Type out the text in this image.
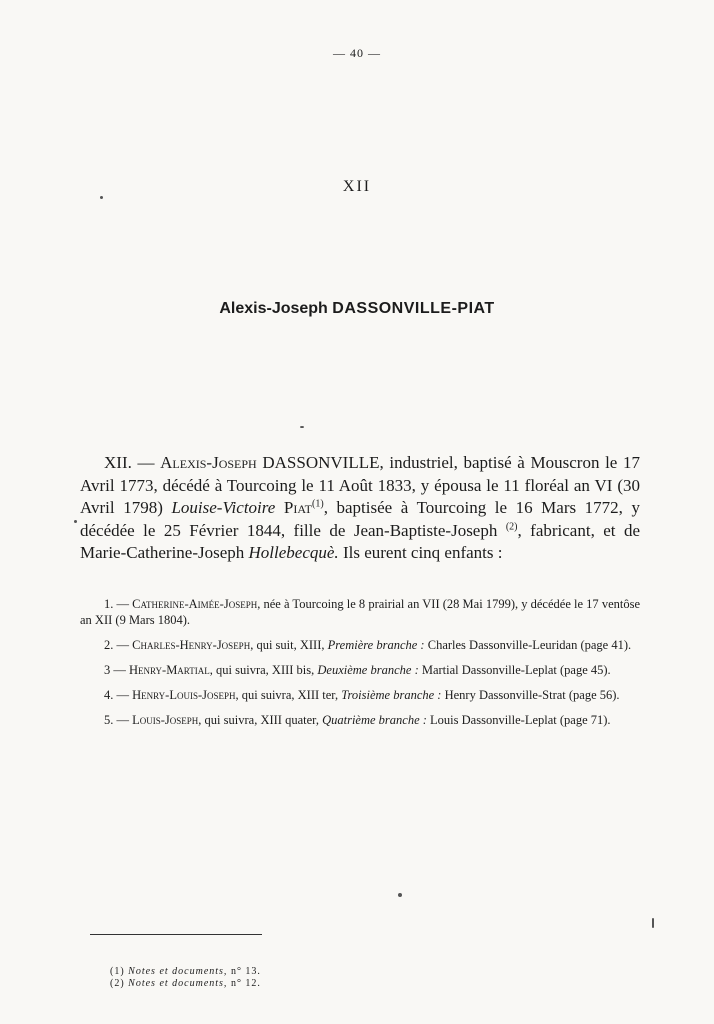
— 40 —
XII
Alexis-Joseph DASSONVILLE-PIAT
XII. — Alexis-Joseph DASSONVILLE, industriel, baptisé à Mouscron le 17 Avril 1773, décédé à Tourcoing le 11 Août 1833, y épousa le 11 floréal an VI (30 Avril 1798) Louise-Victoire Piat$^{(1)}$, baptisée à Tourcoing le 16 Mars 1772, y décédée le 25 Février 1844, fille de Jean-Baptiste-Joseph $^{(2)}$, fabricant, et de Marie-Catherine-Joseph Hollebecquè. Ils eurent cinq enfants :
1. — Catherine-Aimée-Joseph, née à Tourcoing le 8 prairial an VII (28 Mai 1799), y décédée le 17 ventôse an XII (9 Mars 1804).
2. — Charles-Henry-Joseph, qui suit, XIII, Première branche : Charles Dassonville-Leuridan (page 41).
3 — Henry-Martial, qui suivra, XIII bis, Deuxième branche : Martial Dassonville-Leplat (page 45).
4. — Henry-Louis-Joseph, qui suivra, XIII ter, Troisième branche : Henry Dassonville-Strat (page 56).
5. — Louis-Joseph, qui suivra, XIII quater, Quatrième branche : Louis Dassonville-Leplat (page 71).
(1) Notes et documents, n° 13.
(2) Notes et documents, n° 12.
